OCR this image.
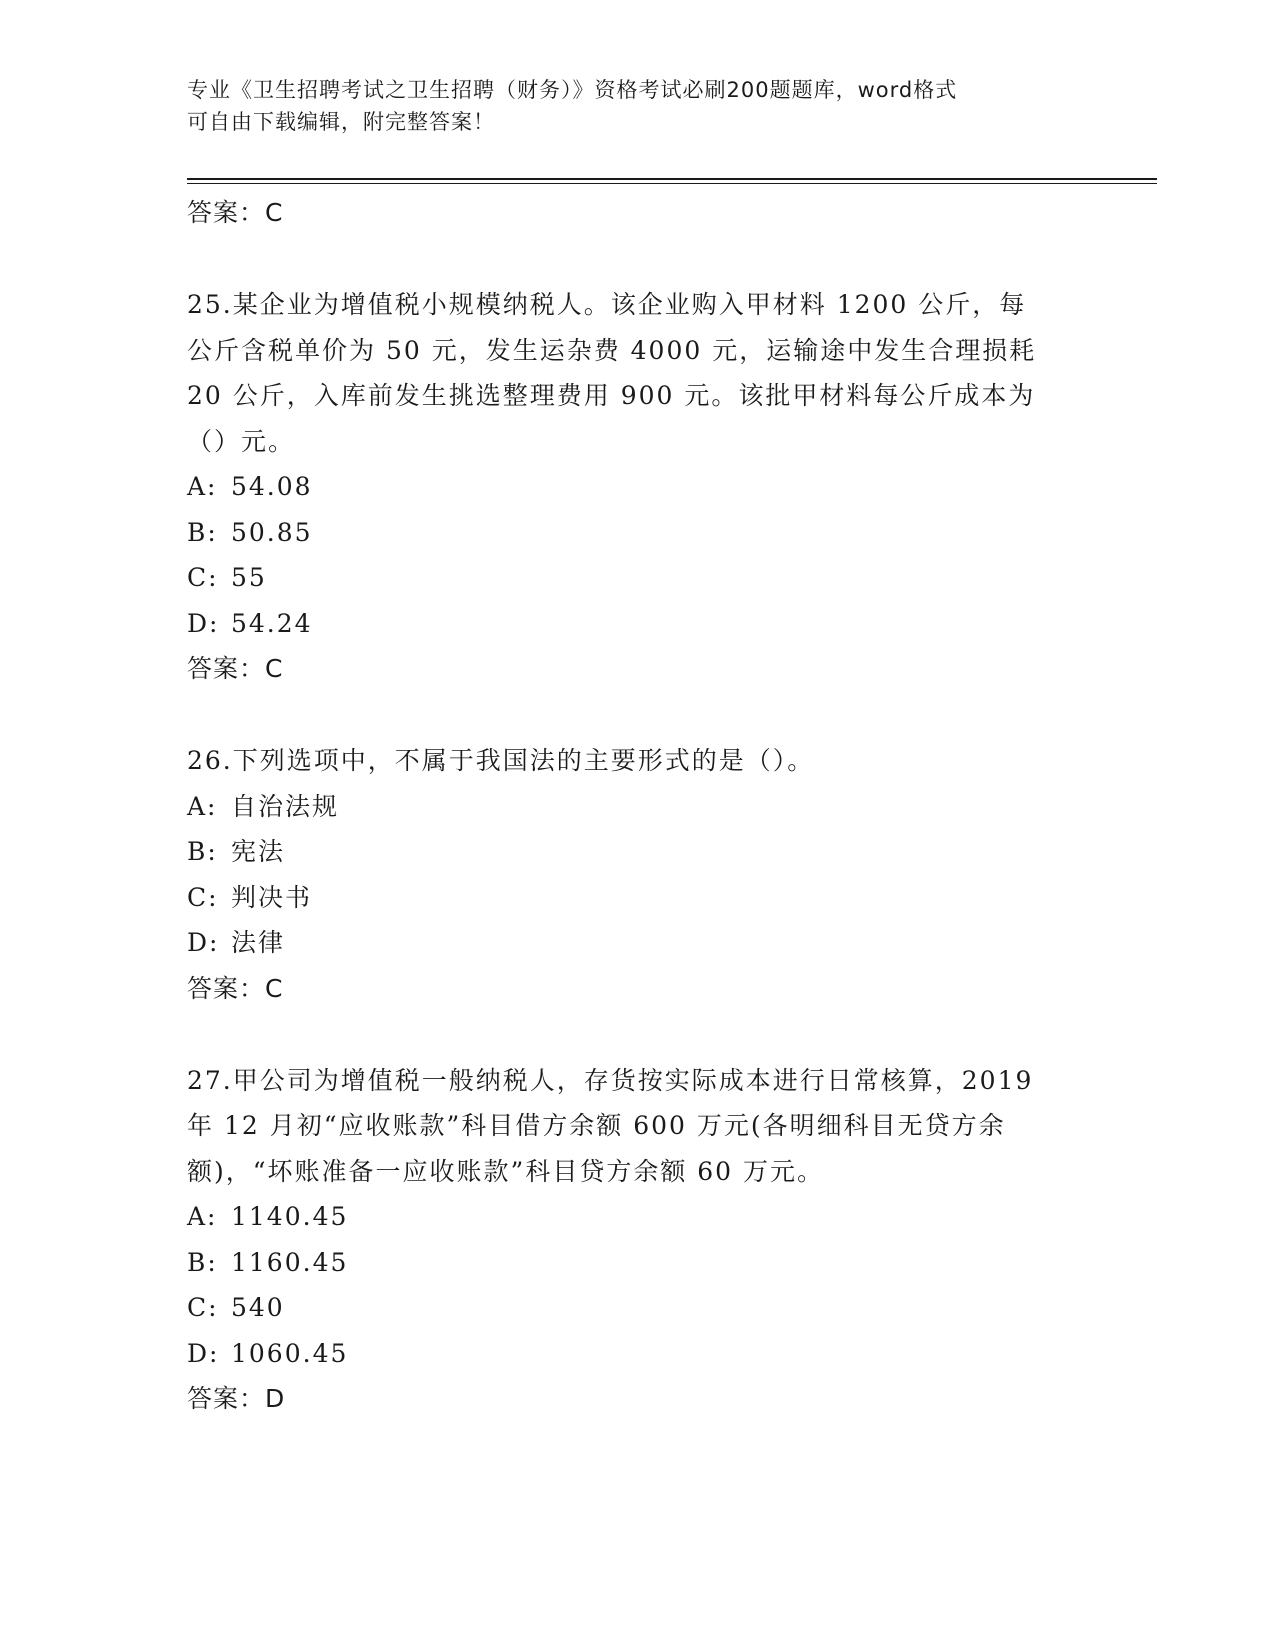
专业《卫生招聘考试之卫生招聘（财务）》资格考试必刷200题题库，word格式
可自由下载编辑，附完整答案！
答案：C
25.某企业为增值税小规模纳税人。该企业购入甲材料 1200 公斤，每
公斤含税单价为 50 元，发生运杂费 4000 元，运输途中发生合理损耗
20 公斤，入库前发生挑选整理费用 900 元。该批甲材料每公斤成本为
（）元。
A: 54.08
B: 50.85
C: 55
D: 54.24
答案：C
26.下列选项中，不属于我国法的主要形式的是（）。
A: 自治法规
B: 宪法
C: 判决书
D: 法律
答案：C
27.甲公司为增值税一般纳税人，存货按实际成本进行日常核算，2019
年 12 月初“应收账款”科目借方余额 600 万元(各明细科目无贷方余
额)，“坏账准备一应收账款”科目贷方余额 60 万元。
A: 1140.45
B: 1160.45
C: 540
D: 1060.45
答案：D
